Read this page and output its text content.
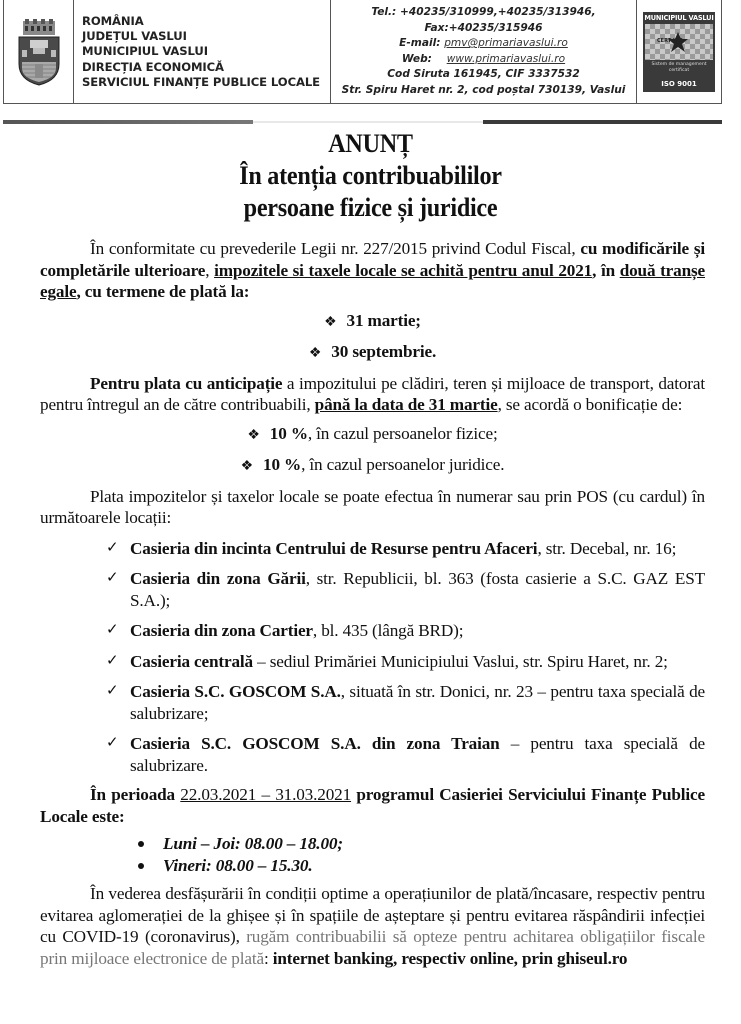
ROMÂNIA
JUDEȚUL VASLUI
MUNICIPIUL VASLUI
DIRECȚIA ECONOMICĂ
SERVICIUL FINANȚE PUBLICE LOCALE
Tel.: +40235/310999,+40235/313946,
Fax:+40235/315946
E-mail: pmv@primariavaslui.ro
Web: www.primariavaslui.ro
Cod Siruta 161945, CIF 3337532
Str. Spiru Haret nr. 2, cod poștal 730139, Vaslui
MUNICIPIUL VASLUI
CERT IND
Sistem de management
certificat
ISO 9001
ANUNȚ
În atenția contribuabililor
persoane fizice și juridice

În conformitate cu prevederile Legii nr. 227/2015 privind Codul Fiscal, cu modificările și completările ulterioare, impozitele si taxele locale se achită pentru anul 2021, în două tranșe egale, cu termene de plată la:

❖ 31 martie;
❖ 30 septembrie.

Pentru plata cu anticipație a impozitului pe clădiri, teren și mijloace de transport, datorat pentru întregul an de către contribuabili, până la data de 31 martie, se acordă o bonificație de:

❖ 10 %, în cazul persoanelor fizice;
❖ 10 %, în cazul persoanelor juridice.

Plata impozitelor și taxelor locale se poate efectua în numerar sau prin POS (cu cardul) în următoarele locații:

✓ Casieria din incinta Centrului de Resurse pentru Afaceri, str. Decebal, nr. 16;
✓ Casieria din zona Gării, str. Republicii, bl. 363 (fosta casierie a S.C. GAZ EST S.A.);
✓ Casieria din zona Cartier, bl. 435 (lângă BRD);
✓ Casieria centrală – sediul Primăriei Municipiului Vaslui, str. Spiru Haret, nr. 2;
✓ Casieria S.C. GOSCOM S.A., situată în str. Donici, nr. 23 – pentru taxa specială de salubrizare;
✓ Casieria S.C. GOSCOM S.A. din zona Traian – pentru taxa specială de salubrizare.

În perioada 22.03.2021 – 31.03.2021 programul Casieriei Serviciului Finanțe Publice Locale este:

Luni – Joi: 08.00 – 18.00;
Vineri: 08.00 – 15.30.

În vederea desfășurării în condiții optime a operațiunilor de plată/încasare, respectiv pentru evitarea aglomerației de la ghișee și în spațiile de așteptare și pentru evitarea răspândirii infecției cu COVID-19 (coronavirus), rugăm contribuabilii să opteze pentru achitarea obligațiilor fiscale prin mijloace electronice de plată: internet banking, respectiv online, prin ghiseul.ro
